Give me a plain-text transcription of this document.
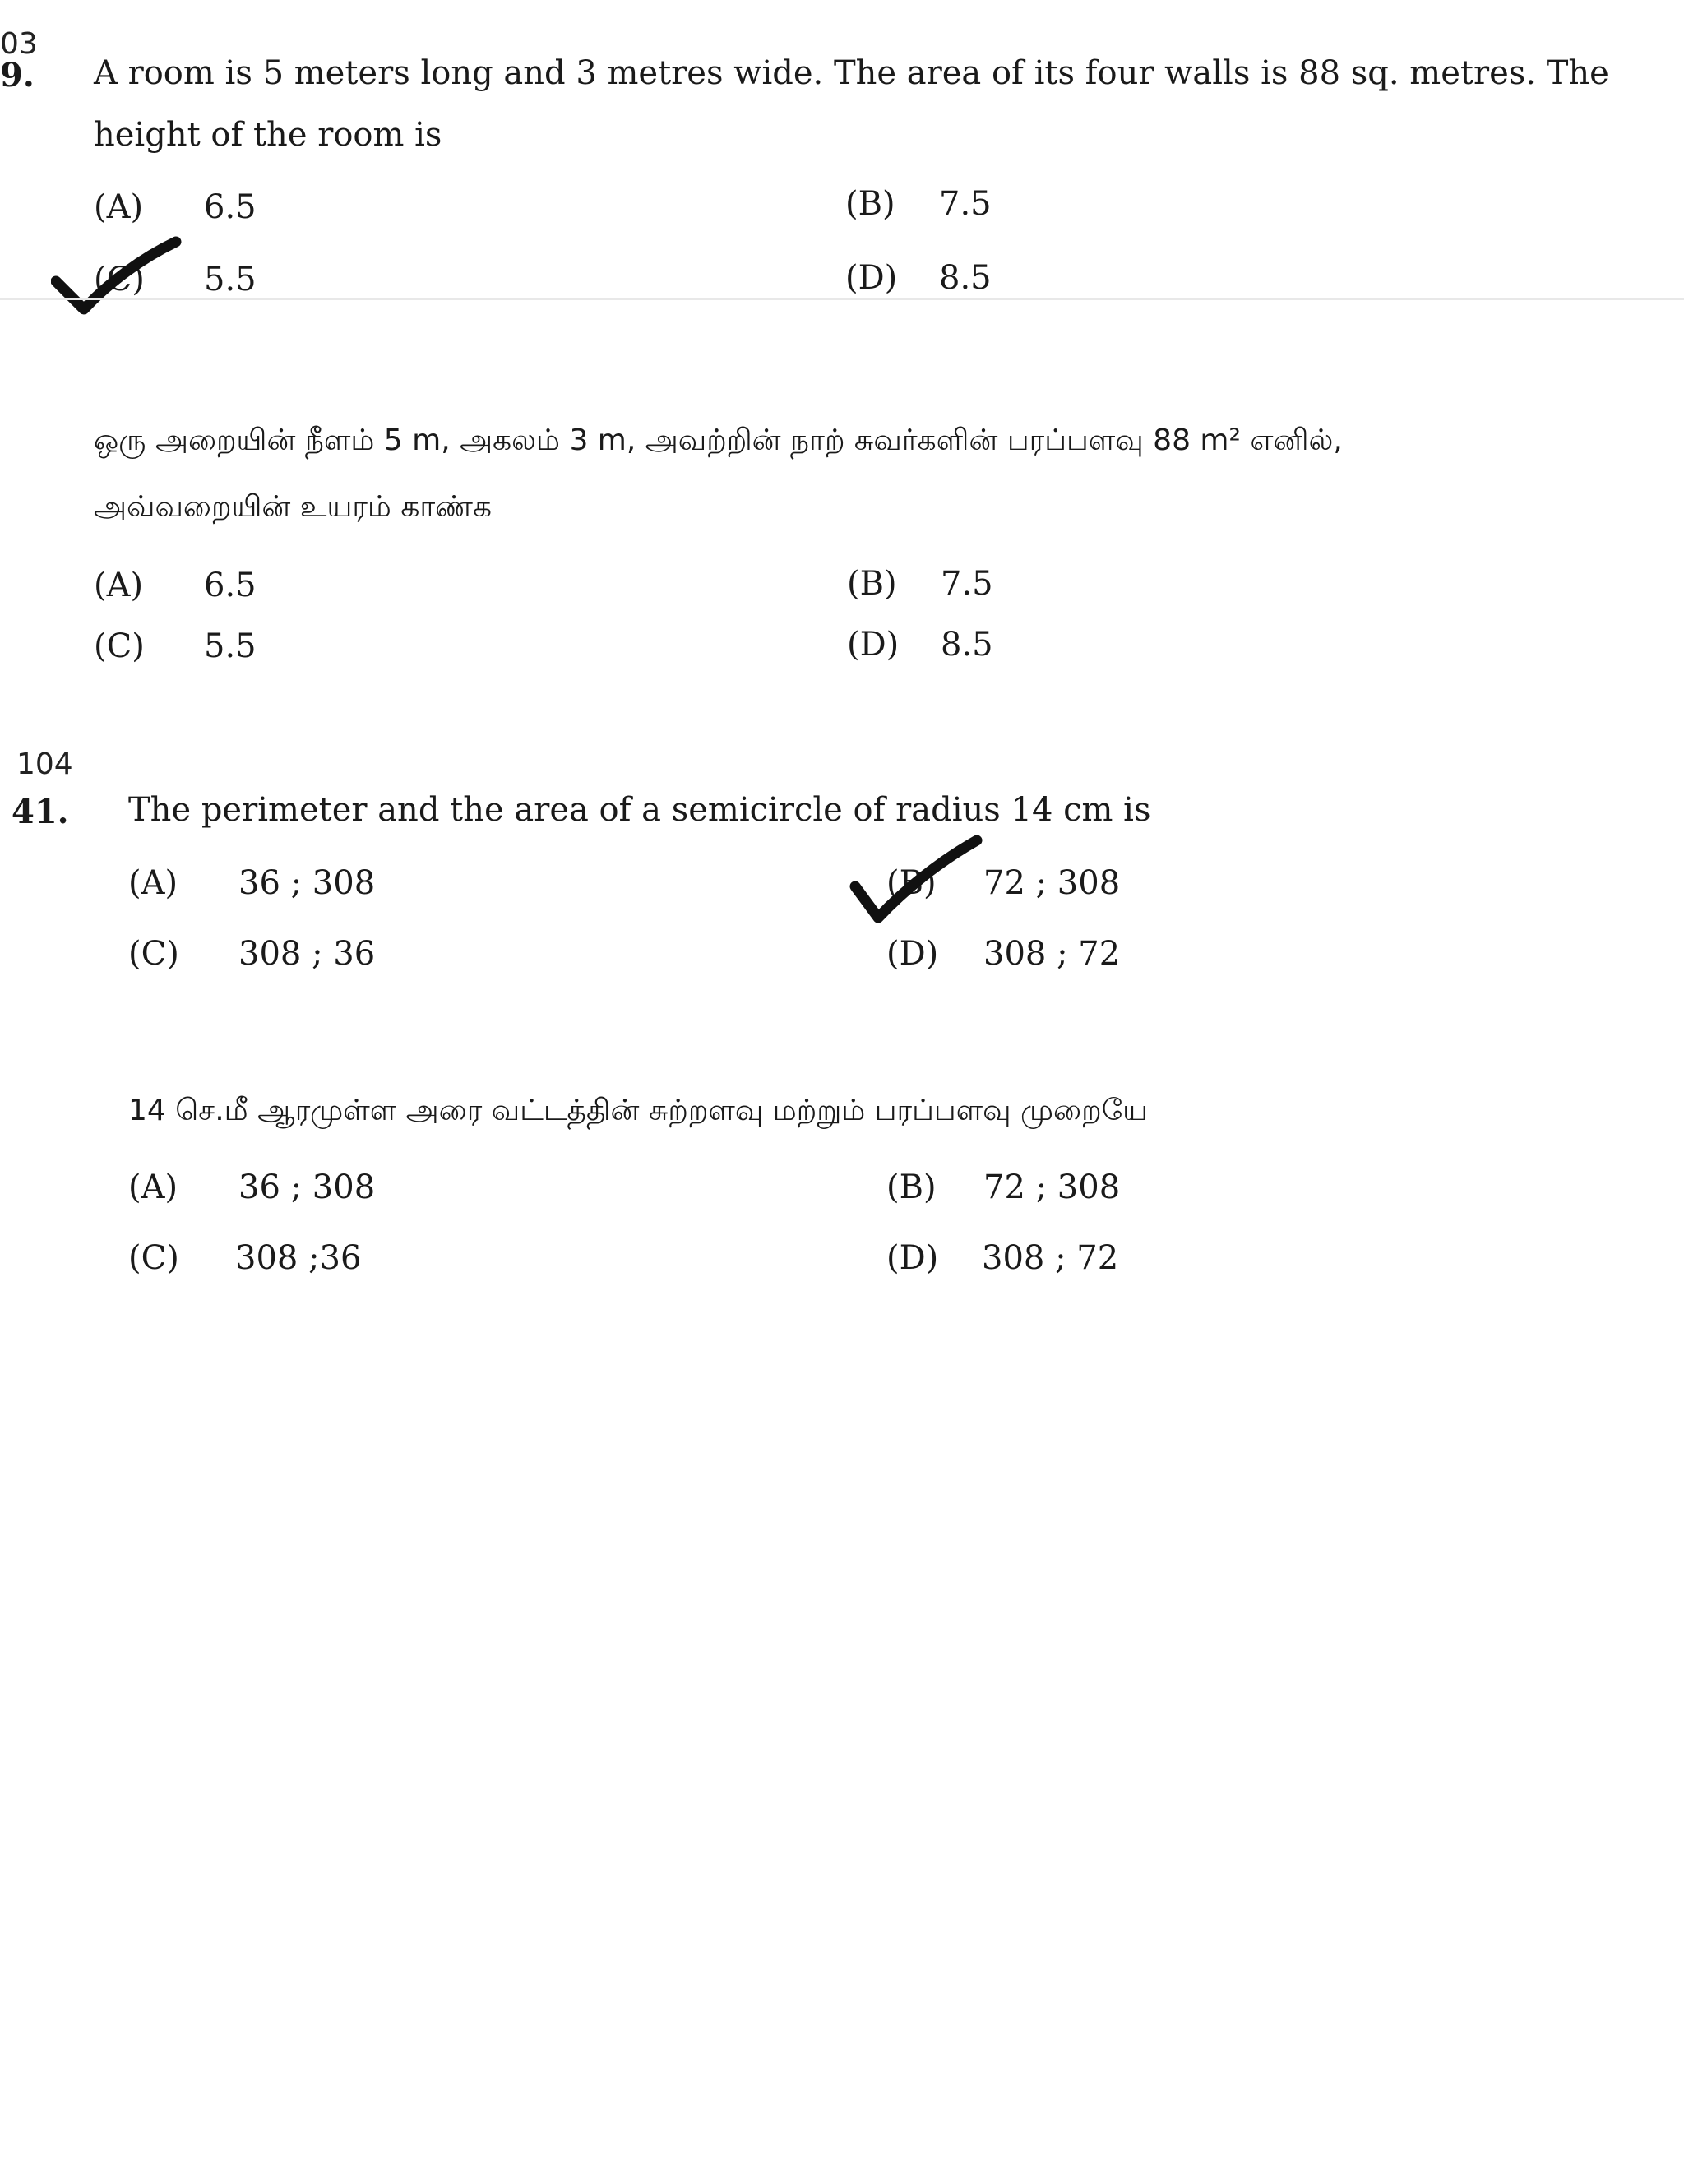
03
9. A room is 5 meters long and 3 metres wide. The area of its four walls is 88 sq. metres. The height of the room is
(A) 6.5	(B) 7.5
(C) 5.5	(D) 8.5
ஒரு அறையின் நீளம் 5 m, அகலம் 3 m, அவற்றின் நாற் சுவர்களின் பரப்பளவு 88 m² எனில்,
அவ்வறையின் உயரம் காண்க
(A) 6.5	(B) 7.5
(C) 5.5	(D) 8.5
104
41. The perimeter and the area of a semicircle of radius 14 cm is
(A) 36 ; 308	(B) 72 ; 308
(C) 308 ; 36	(D) 308 ; 72
14 செ.மீ ஆரமுள்ள அரை வட்டத்தின் சுற்றளவு மற்றும் பரப்பளவு முறையே
(A) 36 ; 308	(B) 72 ; 308
(C) 308 ;36	(D) 308 ; 72
